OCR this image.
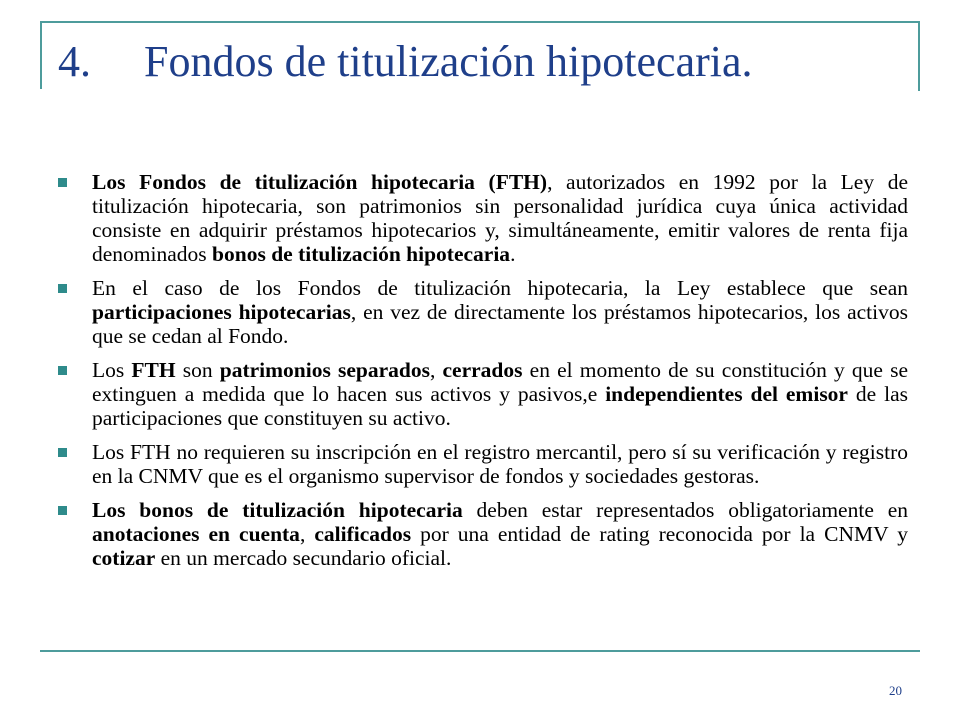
4. Fondos de titulización hipotecaria.
Los Fondos de titulización hipotecaria (FTH), autorizados en 1992 por la Ley de titulización hipotecaria, son patrimonios sin personalidad jurídica cuya única actividad consiste en adquirir préstamos hipotecarios y, simultáneamente, emitir valores de renta fija denominados bonos de titulización hipotecaria.
En el caso de los Fondos de titulización hipotecaria, la Ley establece que sean participaciones hipotecarias, en vez de directamente los préstamos hipotecarios, los activos que se cedan al Fondo.
Los FTH son patrimonios separados, cerrados en el momento de su constitución y que se extinguen a medida que lo hacen sus activos y pasivos,e independientes del emisor de las participaciones que constituyen su activo.
Los FTH no requieren su inscripción en el registro mercantil, pero sí su verificación y registro en la CNMV que es el organismo supervisor de fondos y sociedades gestoras.
Los bonos de titulización hipotecaria deben estar representados obligatoriamente en anotaciones en cuenta, calificados por una entidad de rating reconocida por la CNMV y cotizar en un mercado secundario oficial.
20
